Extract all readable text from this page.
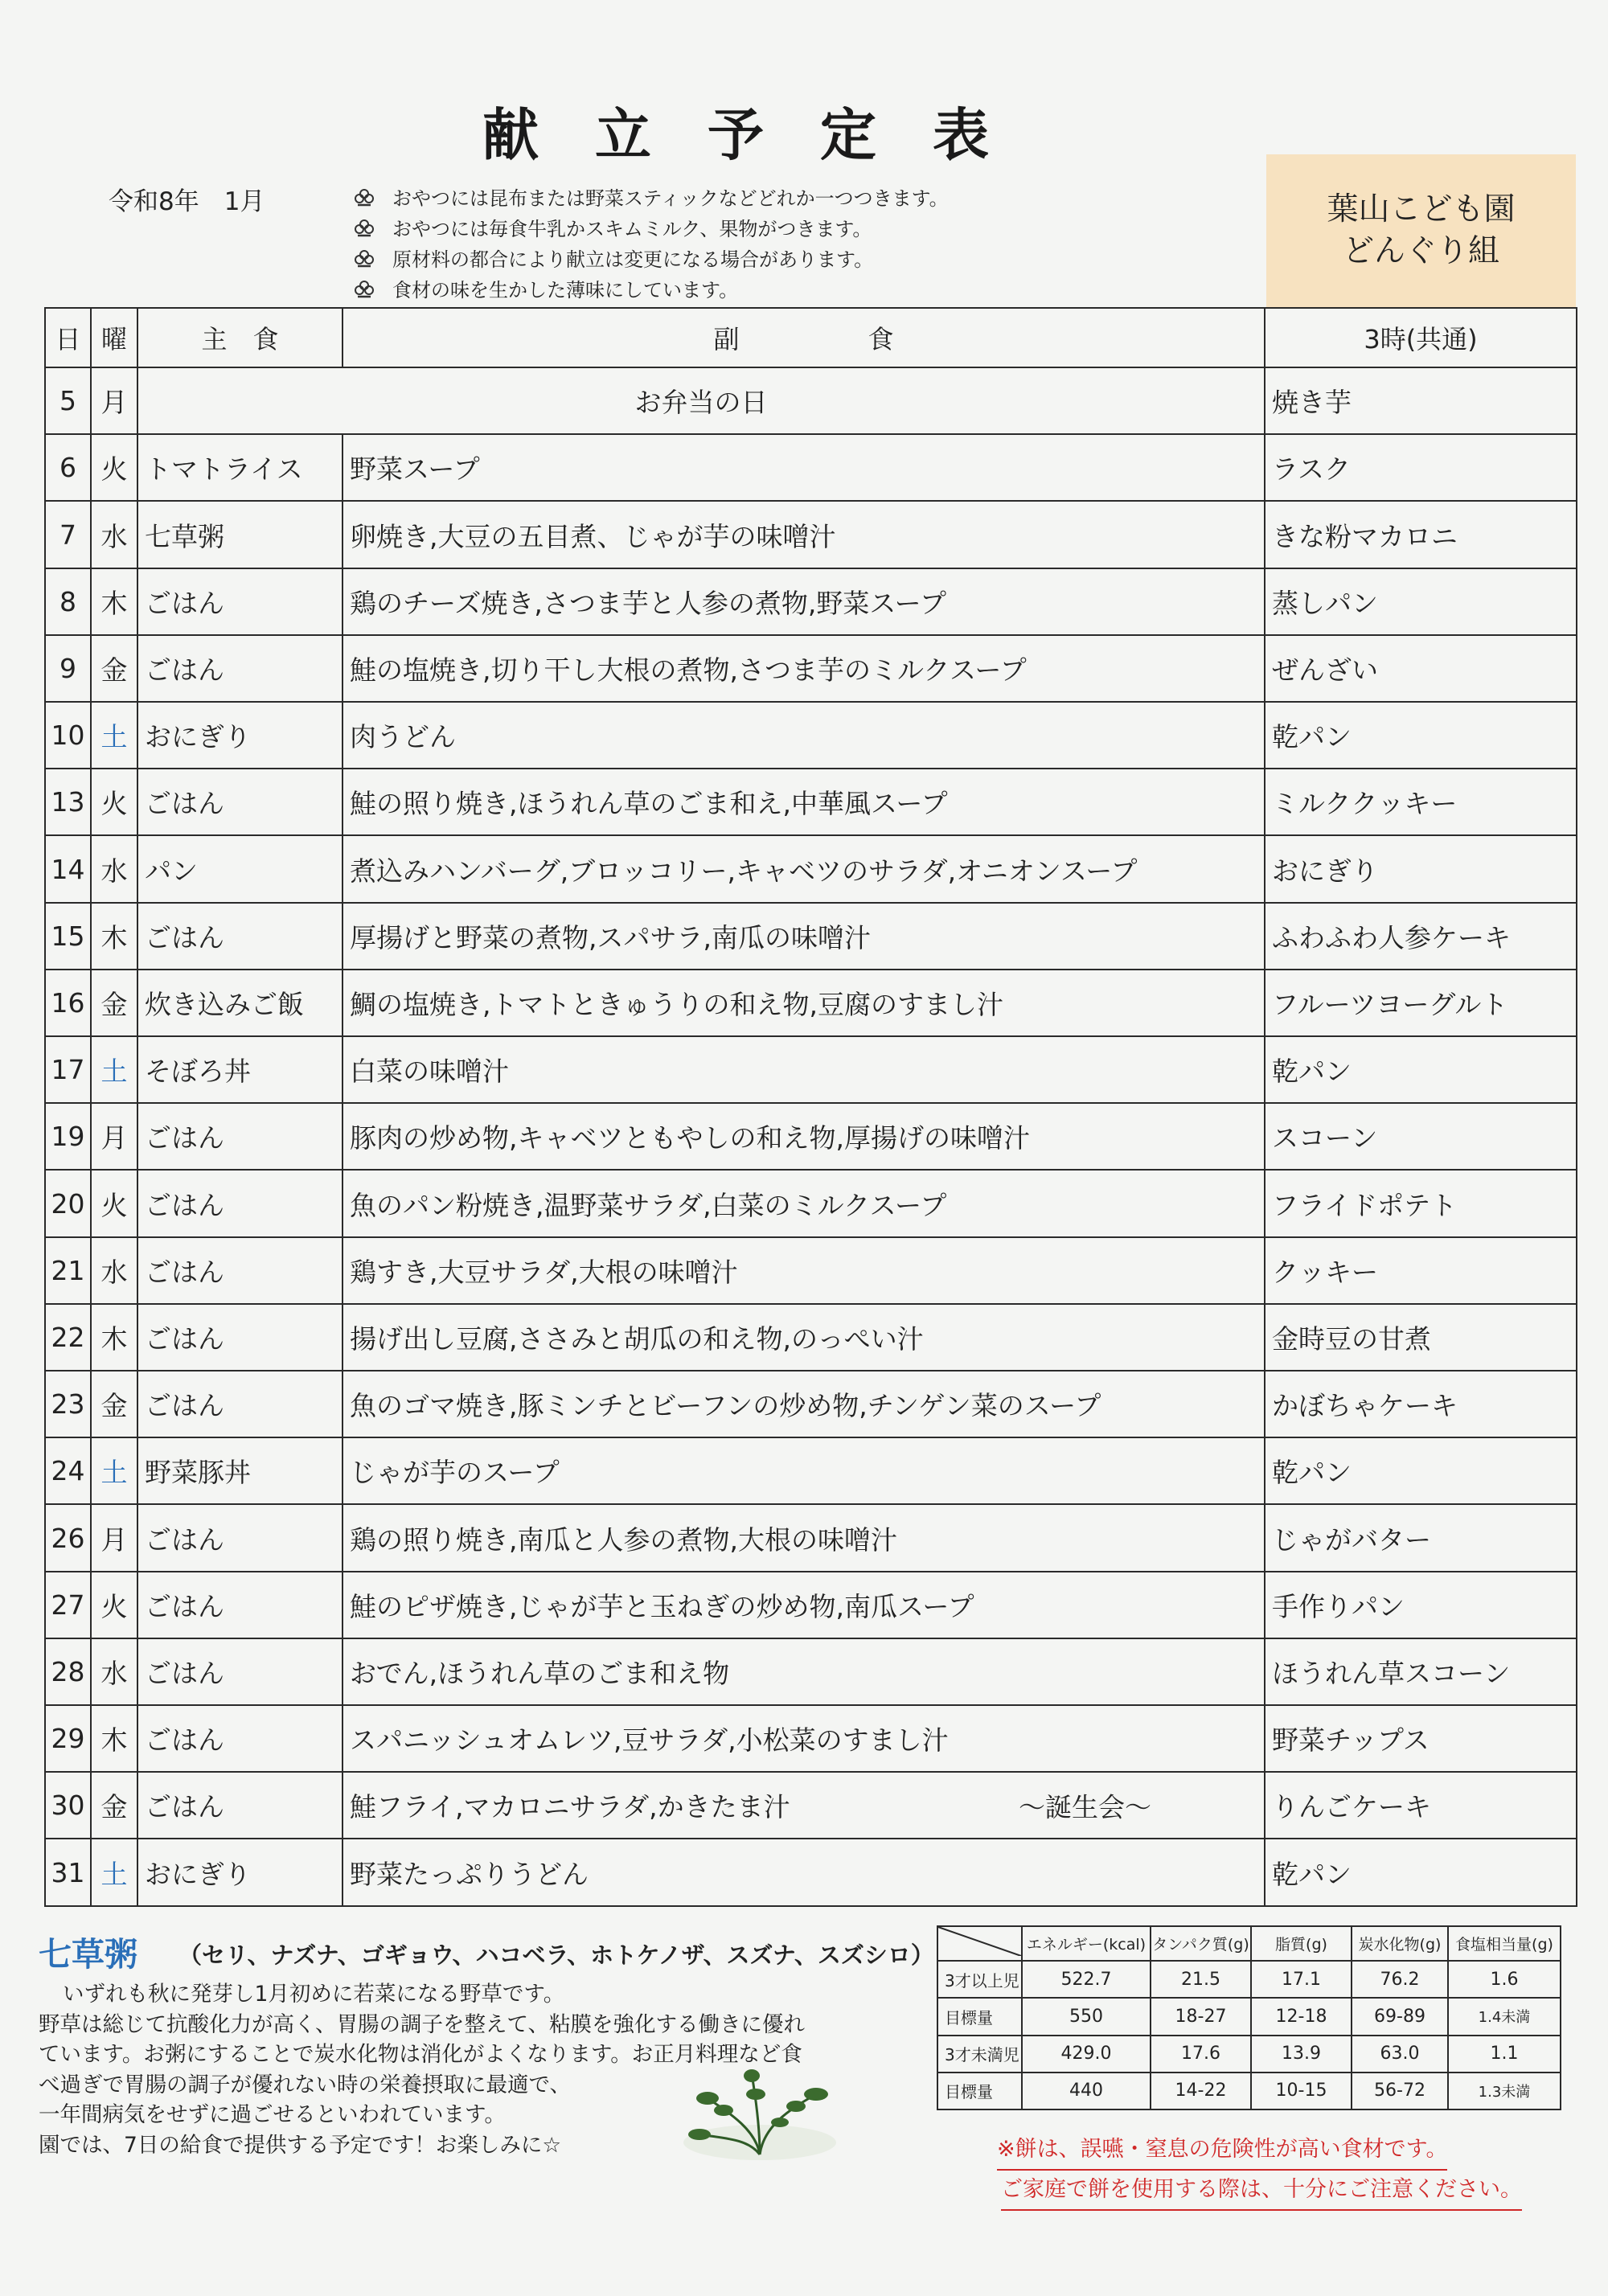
献立予定表
令和8年　1月	おやつには昆布または野菜スティックなどどれか一つつきます。
おやつには毎食牛乳かスキムミルク、果物がつきます。
原材料の都合により献立は変更になる場合があります。
食材の味を生かした薄味にしています。
葉山こども園
どんぐり組
日	曜	主　食	副　　　　　食	3時(共通)
5	月	お弁当の日		焼き芋
6	火	トマトライス	野菜スープ	ラスク
7	水	七草粥	卵焼き,大豆の五目煮、じゃが芋の味噌汁	きな粉マカロニ
8	木	ごはん	鶏のチーズ焼き,さつま芋と人参の煮物,野菜スープ	蒸しパン
9	金	ごはん	鮭の塩焼き,切り干し大根の煮物,さつま芋のミルクスープ	ぜんざい
10	土	おにぎり	肉うどん	乾パン
13	火	ごはん	鮭の照り焼き,ほうれん草のごま和え,中華風スープ	ミルククッキー
14	水	パン	煮込みハンバーグ,ブロッコリー,キャベツのサラダ,オニオンスープ	おにぎり
15	木	ごはん	厚揚げと野菜の煮物,スパサラ,南瓜の味噌汁	ふわふわ人参ケーキ
16	金	炊き込みご飯	鯛の塩焼き,トマトときゅうりの和え物,豆腐のすまし汁	フルーツヨーグルト
17	土	そぼろ丼	白菜の味噌汁	乾パン
19	月	ごはん	豚肉の炒め物,キャベツともやしの和え物,厚揚げの味噌汁	スコーン
20	火	ごはん	魚のパン粉焼き,温野菜サラダ,白菜のミルクスープ	フライドポテト
21	水	ごはん	鶏すき,大豆サラダ,大根の味噌汁	クッキー
22	木	ごはん	揚げ出し豆腐,ささみと胡瓜の和え物,のっぺい汁	金時豆の甘煮
23	金	ごはん	魚のゴマ焼き,豚ミンチとビーフンの炒め物,チンゲン菜のスープ	かぼちゃケーキ
24	土	野菜豚丼	じゃが芋のスープ	乾パン
26	月	ごはん	鶏の照り焼き,南瓜と人参の煮物,大根の味噌汁	じゃがバター
27	火	ごはん	鮭のピザ焼き,じゃが芋と玉ねぎの炒め物,南瓜スープ	手作りパン
28	水	ごはん	おでん,ほうれん草のごま和え物	ほうれん草スコーン
29	木	ごはん	スパニッシュオムレツ,豆サラダ,小松菜のすまし汁	野菜チップス
30	金	ごはん	鮭フライ,マカロニサラダ,かきたま汁 ～誕生会～	りんごケーキ
31	土	おにぎり	野菜たっぷりうどん	乾パン
七草粥 （セリ、ナズナ、ゴギョウ、ハコベラ、ホトケノザ、スズナ、スズシロ）

いずれも秋に発芽し1月初めに若菜になる野草です。

野草は総じて抗酸化力が高く、胃腸の調子を整えて、粘膜を強化する働きに優れ

ています。お粥にすることで炭水化物は消化がよくなります。お正月料理など食

べ過ぎで胃腸の調子が優れない時の栄養摂取に最適で、

一年間病気をせずに過ごせるといわれています。

園では、7日の給食で提供する予定です！お楽しみに☆

	エネルギー(kcal)	タンパク質(g)	脂質(g)	炭水化物(g)	食塩相当量(g)
3才以上児	522.7	21.5	17.1	76.2	1.6
目標量	550	18-27	12-18	69-89	1.4未満
3才未満児	429.0	17.6	13.9	63.0	1.1
目標量	440	14-22	10-15	56-72	1.3未満
※餅は、誤嚥・窒息の危険性が高い食材です。
ご家庭で餅を使用する際は、十分にご注意ください。
